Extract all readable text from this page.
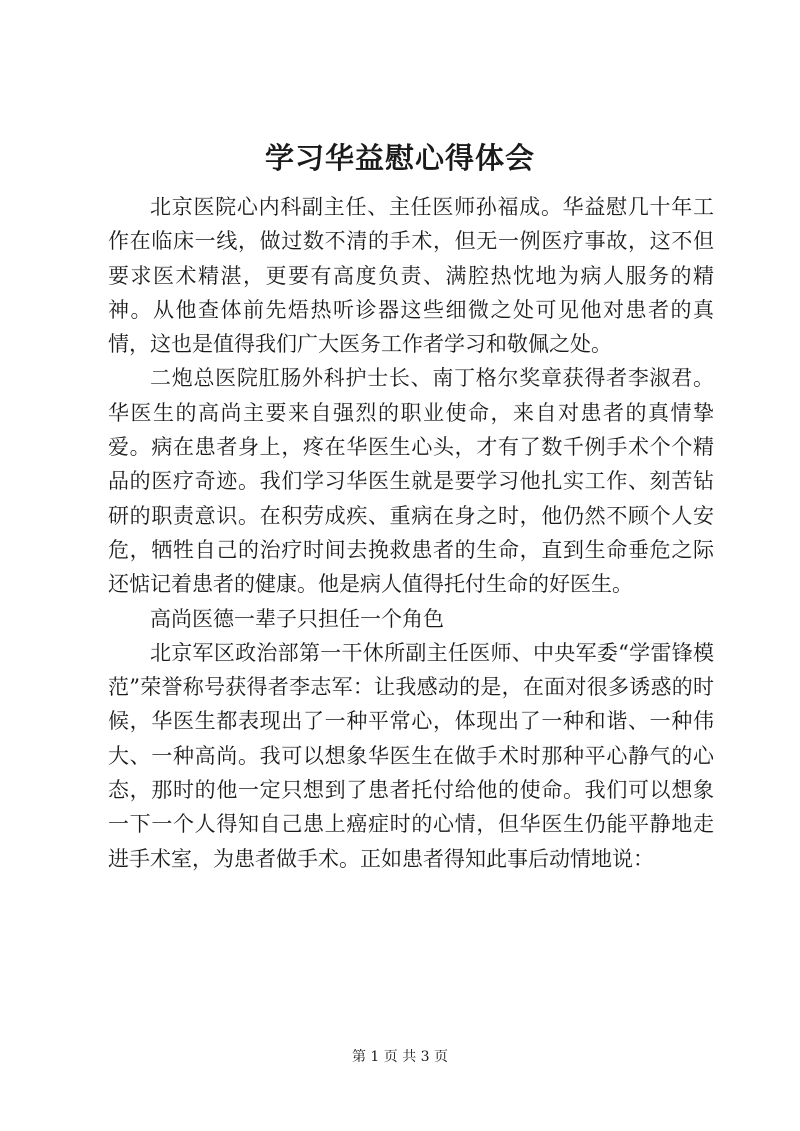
学习华益慰心得体会

北京医院心内科副主任、主任医师孙福成。华益慰几十年工作在临床一线，做过数不清的手术，但无一例医疗事故，这不但要求医术精湛，更要有高度负责、满腔热忱地为病人服务的精神。从他查体前先焐热听诊器这些细微之处可见他对患者的真情，这也是值得我们广大医务工作者学习和敬佩之处。

二炮总医院肛肠外科护士长、南丁格尔奖章获得者李淑君。华医生的高尚主要来自强烈的职业使命，来自对患者的真情挚爱。病在患者身上，疼在华医生心头，才有了数千例手术个个精品的医疗奇迹。我们学习华医生就是要学习他扎实工作、刻苦钻研的职责意识。在积劳成疾、重病在身之时，他仍然不顾个人安危，牺牲自己的治疗时间去挽救患者的生命，直到生命垂危之际还惦记着患者的健康。他是病人值得托付生命的好医生。

高尚医德一辈子只担任一个角色

北京军区政治部第一干休所副主任医师、中央军委“学雷锋模范”荣誉称号获得者李志军：让我感动的是，在面对很多诱惑的时候，华医生都表现出了一种平常心，体现出了一种和谐、一种伟大、一种高尚。我可以想象华医生在做手术时那种平心静气的心态，那时的他一定只想到了患者托付给他的使命。我们可以想象一下一个人得知自己患上癌症时的心情，但华医生仍能平静地走进手术室，为患者做手术。正如患者得知此事后动情地说：

第 1 页 共 3 页
